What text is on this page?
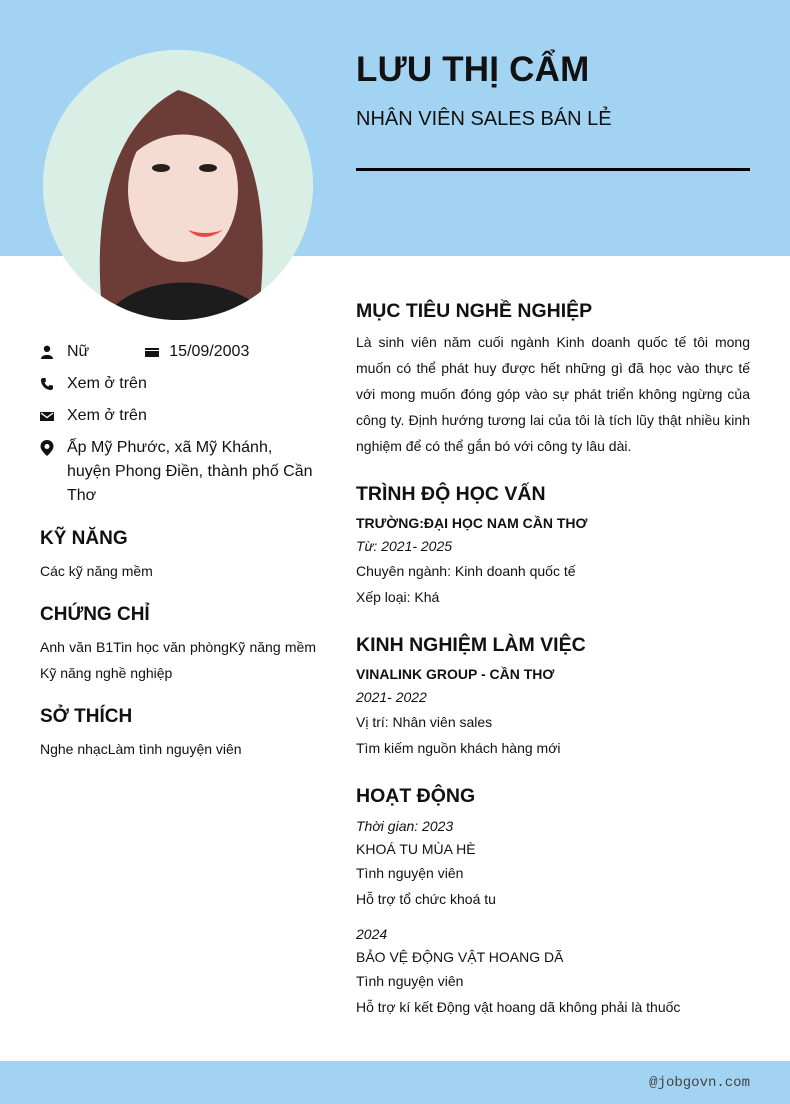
LƯU THỊ CẨM
NHÂN VIÊN SALES BÁN LẺ
Nữ	15/09/2003
Xem ở trên
Xem ở trên
Ấp Mỹ Phước, xã Mỹ Khánh, huyện Phong Điền, thành phố Cần Thơ
KỸ NĂNG
Các kỹ năng mềm
CHỨNG CHỈ
Anh văn B1Tin học văn phòngKỹ năng mềm Kỹ năng nghề nghiệp
SỞ THÍCH
Nghe nhạcLàm tình nguyện viên
MỤC TIÊU NGHỀ NGHIỆP
Là sinh viên năm cuối ngành Kinh doanh quốc tế tôi mong muốn có thể phát huy được hết những gì đã học vào thực tế với mong muốn đóng góp vào sự phát triển không ngừng của công ty. Định hướng tương lai của tôi là tích lũy thật nhiều kinh nghiệm để có thể gắn bó với công ty lâu dài.
TRÌNH ĐỘ HỌC VẤN
TRƯỜNG:ĐẠI HỌC NAM CẦN THƠ
Từ: 2021- 2025
Chuyên ngành: Kinh doanh quốc tế
Xếp loại: Khá
KINH NGHIỆM LÀM VIỆC
VINALINK GROUP - CẦN THƠ
2021- 2022
Vị trí: Nhân viên sales
Tìm kiếm nguồn khách hàng mới
HOẠT ĐỘNG
Thời gian: 2023
KHOÁ TU MÙA HÈ
Tình nguyện viên
Hỗ trợ tổ chức khoá tu
2024
BẢO VỆ ĐỘNG VẬT HOANG DÃ
Tình nguyện viên
Hỗ trợ kí kết Động vật hoang dã không phải là thuốc
@jobgovn.com
